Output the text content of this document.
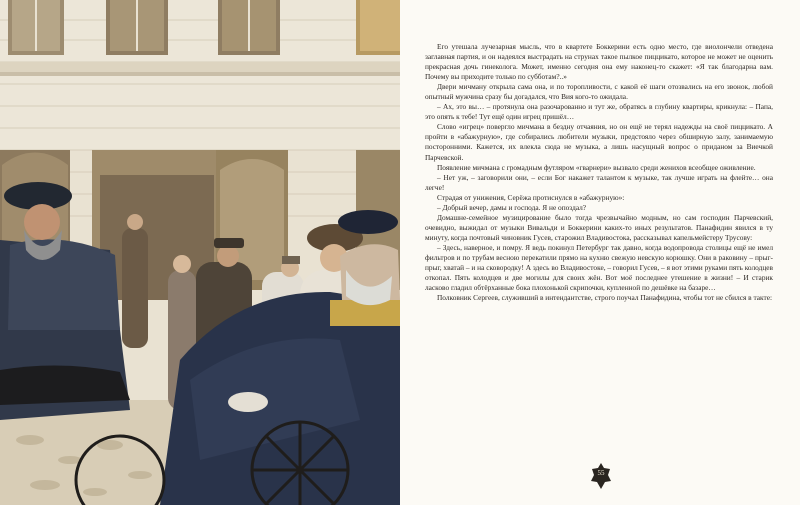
Его утешала лучезарная мысль, что в квартете Боккерини есть одно место, где виолончели отведена заглавная партия, и он надеялся выстрадать на струнах такое пылкое пиццикато, которое не может не оценить прекрасная дочь гинеколога. Может, именно сегодня она ему наконец-то скажет: «Я так благодарна вам. Почему вы приходите только по субботам?..»

Двери мичману открыла сама она, и по торопливости, с какой её шаги отозвались на его звонок, любой опытный мужчина сразу бы догадался, что Вия кого-то ожидала.

– Ах, это вы… – протянула она разочарованно и тут же, обратясь в глубину квартиры, крикнула: – Папа, это опять к тебе! Тут ещё один игрец пришёл…

Слово «игрец» повергло мичмана в бездну отчаяния, но он ещё не терял надежды на своё пиццикато. А пройти в «абажурную», где собирались любители музыки, предстояло через обширную залу, занимаемую посторонними. Кажется, их влекла сюда не музыка, а лишь насущный вопрос о приданом за Виечкой Парчевской.

Появление мичмана с громадным футляром «гварнери» вызвало среди женихов всеобщее оживление.

– Нет уж, – заговорили они, – если Бог накажет талантом к музыке, так лучше играть на флейте… она легче!

Страдая от унижения, Серёжа протиснулся в «абажурную»:

– Добрый вечер, дамы и господа. Я не опоздал?

Домашне-семейное музицирование было тогда чрезвычайно модным, но сам господин Парчевский, очевидно, выжидал от музыки Вивальди и Боккерини каких-то иных результатов. Панафидин явился в ту минуту, когда почтовый чиновник Гусев, старожил Владивостока, рассказывал капельмейстеру Трусову:

– Здесь, наверное, и помру. Я ведь покинул Петербург так давно, когда водопровода столицы ещё не имел фильтров и по трубам весною перекатили прямо на кухню свежую невскую корюшку. Они в раковину – прыг-прыг, хватай – и на сковородку! А здесь во Владивостоке, – говорил Гусев, – я вот этими руками пять колодцев откопал. Пять колодцев и две могилы для своих жён. Вот моё последнее утешение в жизни! – И старик ласково гладил обтёрханные бока плохонькой скрипочки, купленной по дешёвке на базаре…

Полковник Сергеев, служивший в интендантстве, строго поучал Панафидина, чтобы тот не сбился в такте:

55
